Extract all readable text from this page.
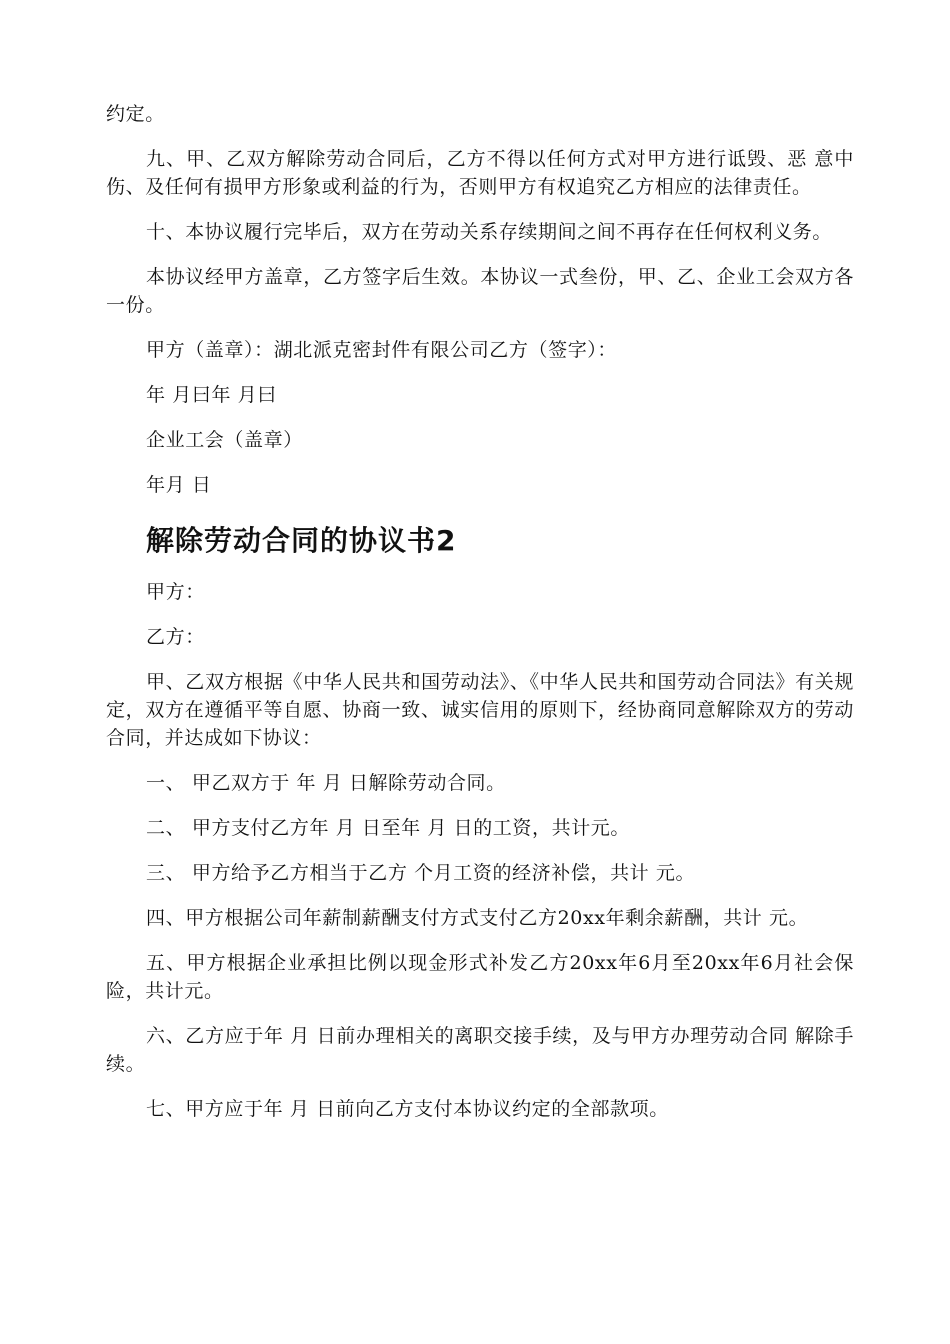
约定。

九、甲、乙双方解除劳动合同后，乙方不得以任何方式对甲方进行诋毁、恶 意中伤、及任何有损甲方形象或利益的行为，否则甲方有权追究乙方相应的法律责任。

十、本协议履行完毕后，双方在劳动关系存续期间之间不再存在任何权利义务。

本协议经甲方盖章，乙方签字后生效。本协议一式叁份，甲、乙、企业工会双方各一份。

甲方（盖章）：湖北派克密封件有限公司乙方（签字）：

年 月曰年 月曰

企业工会（盖章）

年月 日

解除劳动合同的协议书2

甲方：

乙方：

甲、乙双方根据《中华人民共和国劳动法》、《中华人民共和国劳动合同法》有关规定，双方在遵循平等自愿、协商一致、诚实信用的原则下，经协商同意解除双方的劳动合同，并达成如下协议：

一、 甲乙双方于 年 月 日解除劳动合同。

二、 甲方支付乙方年 月 日至年 月 日的工资，共计元。

三、 甲方给予乙方相当于乙方 个月工资的经济补偿，共计 元。

四、甲方根据公司年薪制薪酬支付方式支付乙方20xx年剩余薪酬，共计 元。

五、甲方根据企业承担比例以现金形式补发乙方20xx年6月至20xx年6月社会保险，共计元。

六、乙方应于年 月 日前办理相关的离职交接手续，及与甲方办理劳动合同 解除手续。

七、甲方应于年 月 日前向乙方支付本协议约定的全部款项。
